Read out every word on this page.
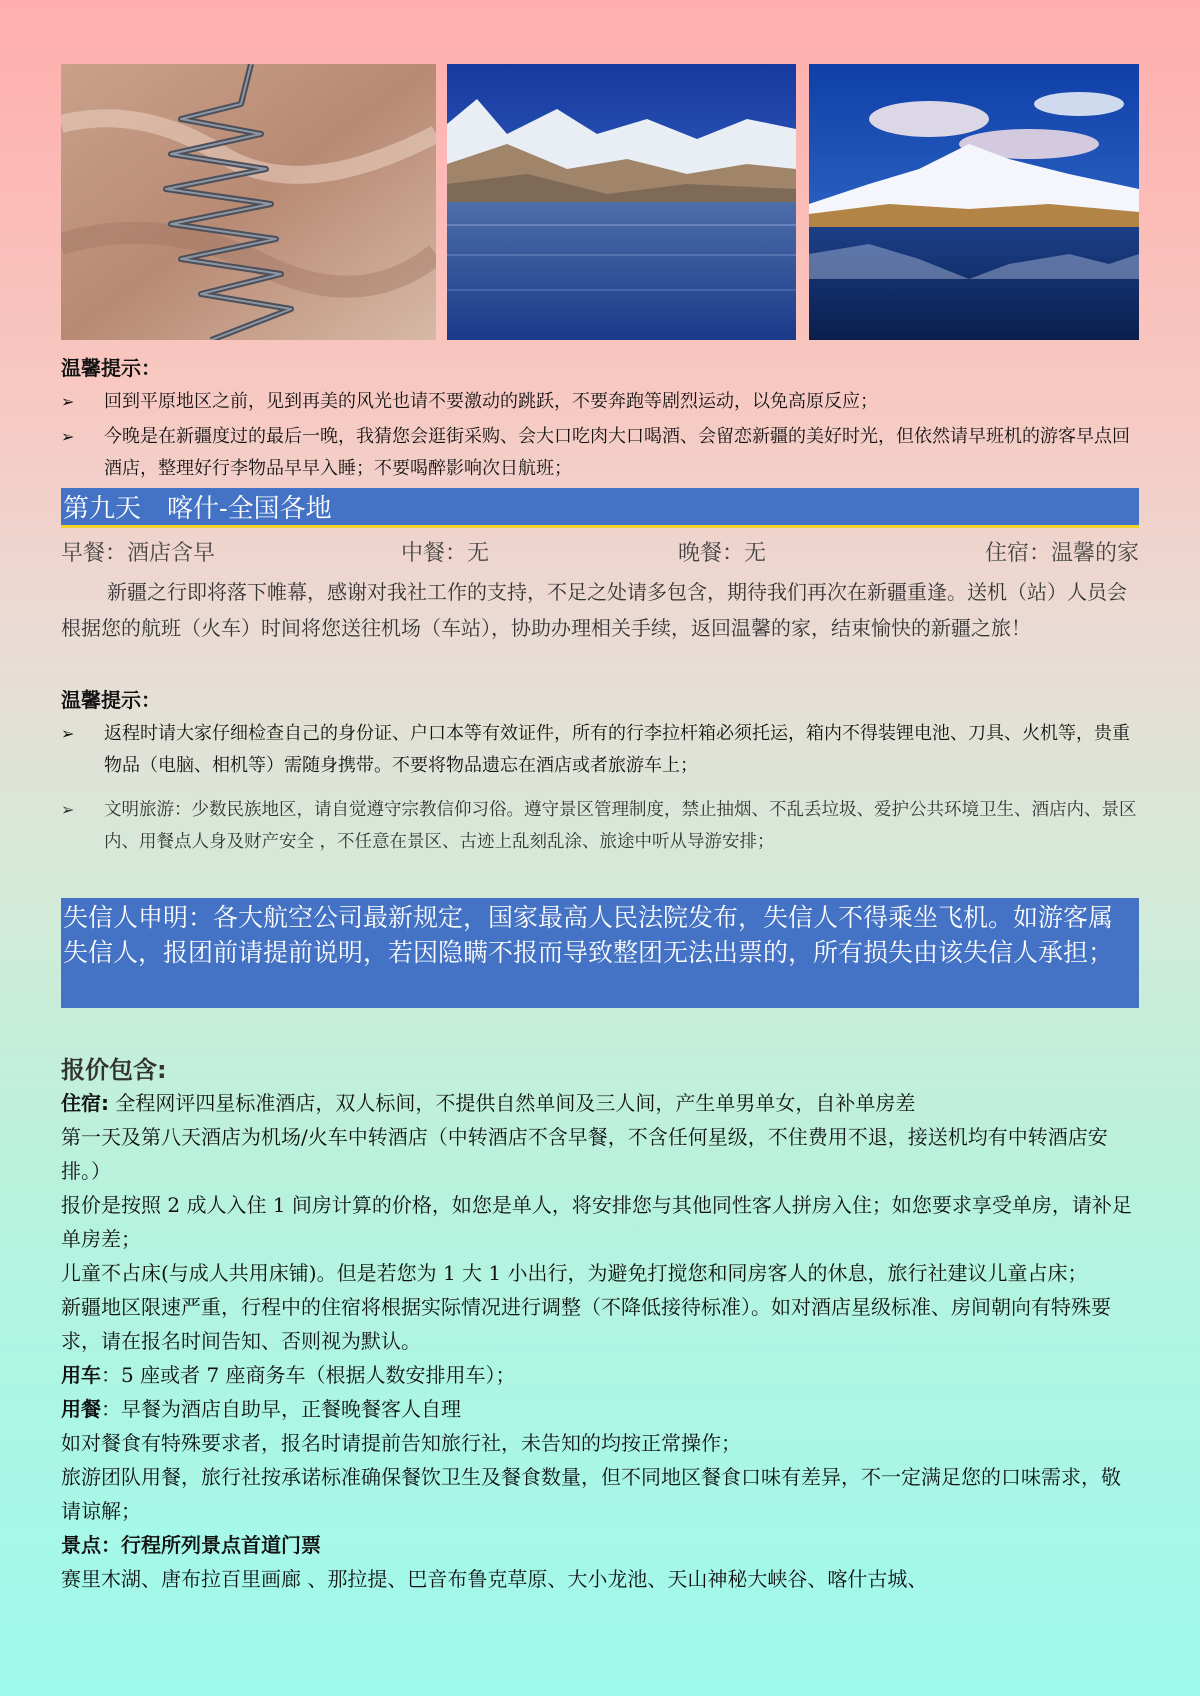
温馨提示：
➢ 回到平原地区之前，见到再美的风光也请不要激动的跳跃，不要奔跑等剧烈运动，以免高原反应；
➢ 今晚是在新疆度过的最后一晚，我猜您会逛街采购、会大口吃肉大口喝酒、会留恋新疆的美好时光，但依然请早班机的游客早点回酒店，整理好行李物品早早入睡；不要喝醉影响次日航班；
第九天　喀什-全国各地
早餐：酒店含早	中餐：无	晚餐：无	住宿：温馨的家
新疆之行即将落下帷幕，感谢对我社工作的支持，不足之处请多包含，期待我们再次在新疆重逢。送机（站）人员会根据您的航班（火车）时间将您送往机场（车站），协助办理相关手续，返回温馨的家，结束愉快的新疆之旅！
温馨提示：
➢ 返程时请大家仔细检查自己的身份证、户口本等有效证件，所有的行李拉杆箱必须托运，箱内不得装锂电池、刀具、火机等，贵重物品（电脑、相机等）需随身携带。不要将物品遗忘在酒店或者旅游车上；
➢ 文明旅游：少数民族地区，请自觉遵守宗教信仰习俗。遵守景区管理制度，禁止抽烟、不乱丢垃圾、爱护公共环境卫生、酒店内、景区内、用餐点人身及财产安全 ，不任意在景区、古迹上乱刻乱涂、旅途中听从导游安排；
失信人申明：各大航空公司最新规定，国家最高人民法院发布，失信人不得乘坐飞机。如游客属失信人，报团前请提前说明，若因隐瞒不报而导致整团无法出票的，所有损失由该失信人承担；
报价包含:
住宿: 全程网评四星标准酒店，双人标间，不提供自然单间及三人间，产生单男单女，自补单房差
第一天及第八天酒店为机场/火车中转酒店（中转酒店不含早餐，不含任何星级，不住费用不退，接送机均有中转酒店安排。）
报价是按照 2 成人入住 1 间房计算的价格，如您是单人，将安排您与其他同性客人拼房入住；如您要求享受单房，请补足单房差；
儿童不占床(与成人共用床铺)。但是若您为 1 大 1 小出行，为避免打搅您和同房客人的休息，旅行社建议儿童占床；
新疆地区限速严重，行程中的住宿将根据实际情况进行调整（不降低接待标准）。如对酒店星级标准、房间朝向有特殊要求，请在报名时间告知、否则视为默认。
用车：5 座或者 7 座商务车（根据人数安排用车）；
用餐：早餐为酒店自助早，正餐晚餐客人自理
如对餐食有特殊要求者，报名时请提前告知旅行社，未告知的均按正常操作；
旅游团队用餐，旅行社按承诺标准确保餐饮卫生及餐食数量，但不同地区餐食口味有差异，不一定满足您的口味需求，敬请谅解；
景点：行程所列景点首道门票
赛里木湖、唐布拉百里画廊 、那拉提、巴音布鲁克草原、大小龙池、天山神秘大峡谷、喀什古城、
